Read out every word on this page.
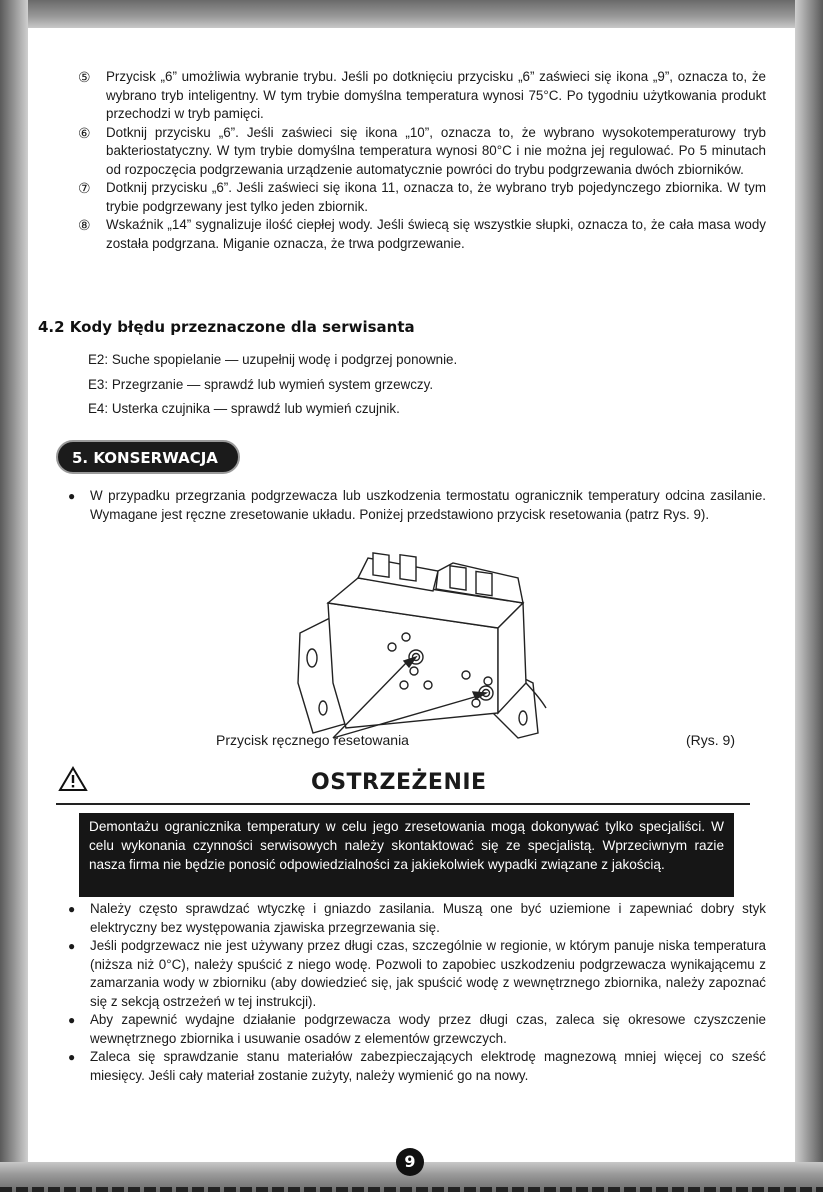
⑤	Przycisk „6” umożliwia wybranie trybu. Jeśli po dotknięciu przycisku „6” zaświeci się ikona „9”, oznacza to, że wybrano tryb inteligentny. W tym trybie domyślna temperatura wynosi 75°C. Po tygodniu użytkowania produkt przechodzi w tryb pamięci.
⑥	Dotknij przycisku „6”. Jeśli zaświeci się ikona „10”, oznacza to, że wybrano wysokotemperaturowy tryb bakteriostatyczny. W tym trybie domyślna temperatura wynosi 80°C i nie można jej regulować. Po 5 minutach od rozpoczęcia podgrzewania urządzenie automatycznie powróci do trybu podgrzewania dwóch zbiorników.
⑦	Dotknij przycisku „6”. Jeśli zaświeci się ikona 11, oznacza to, że wybrano tryb pojedynczego zbiornika. W tym trybie podgrzewany jest tylko jeden zbiornik.
⑧	Wskaźnik „14” sygnalizuje ilość ciepłej wody. Jeśli świecą się wszystkie słupki, oznacza to, że cała masa wody została podgrzana. Miganie oznacza, że trwa podgrzewanie.
4.2 Kody błędu przeznaczone dla serwisanta
E2: Suche spopielanie — uzupełnij wodę i podgrzej ponownie.
E3: Przegrzanie — sprawdź lub wymień system grzewczy.
E4: Usterka czujnika — sprawdź lub wymień czujnik.
5. KONSERWACJA
●	W przypadku przegrzania podgrzewacza lub uszkodzenia termostatu ogranicznik temperatury odcina zasilanie. Wymagane jest ręczne zresetowanie układu. Poniżej przedstawiono przycisk resetowania (patrz Rys. 9).
Przycisk ręcznego resetowania	(Rys. 9)
OSTRZEŻENIE
Demontażu ogranicznika temperatury w celu jego zresetowania mogą dokonywać tylko specjaliści. W celu wykonania czynności serwisowych należy skontaktować się ze specjalistą. Wprzeciwnym razie nasza firma nie będzie ponosić odpowiedzialności za jakiekolwiek wypadki związane z jakością.
●	Należy często sprawdzać wtyczkę i gniazdo zasilania. Muszą one być uziemione i zapewniać dobry styk elektryczny bez występowania zjawiska przegrzewania się.
●	Jeśli podgrzewacz nie jest używany przez długi czas, szczególnie w regionie, w którym panuje niska temperatura (niższa niż 0°C), należy spuścić z niego wodę. Pozwoli to zapobiec uszkodzeniu podgrzewacza wynikającemu z zamarzania wody w zbiorniku (aby dowiedzieć się, jak spuścić wodę z wewnętrznego zbiornika, należy zapoznać się z sekcją ostrzeżeń w tej instrukcji).
●	Aby zapewnić wydajne działanie podgrzewacza wody przez długi czas, zaleca się okresowe czyszczenie wewnętrznego zbiornika i usuwanie osadów z elementów grzewczych.
●	Zaleca się sprawdzanie stanu materiałów zabezpieczających elektrodę magnezową mniej więcej co sześć miesięcy. Jeśli cały materiał zostanie zużyty, należy wymienić go na nowy.
9
